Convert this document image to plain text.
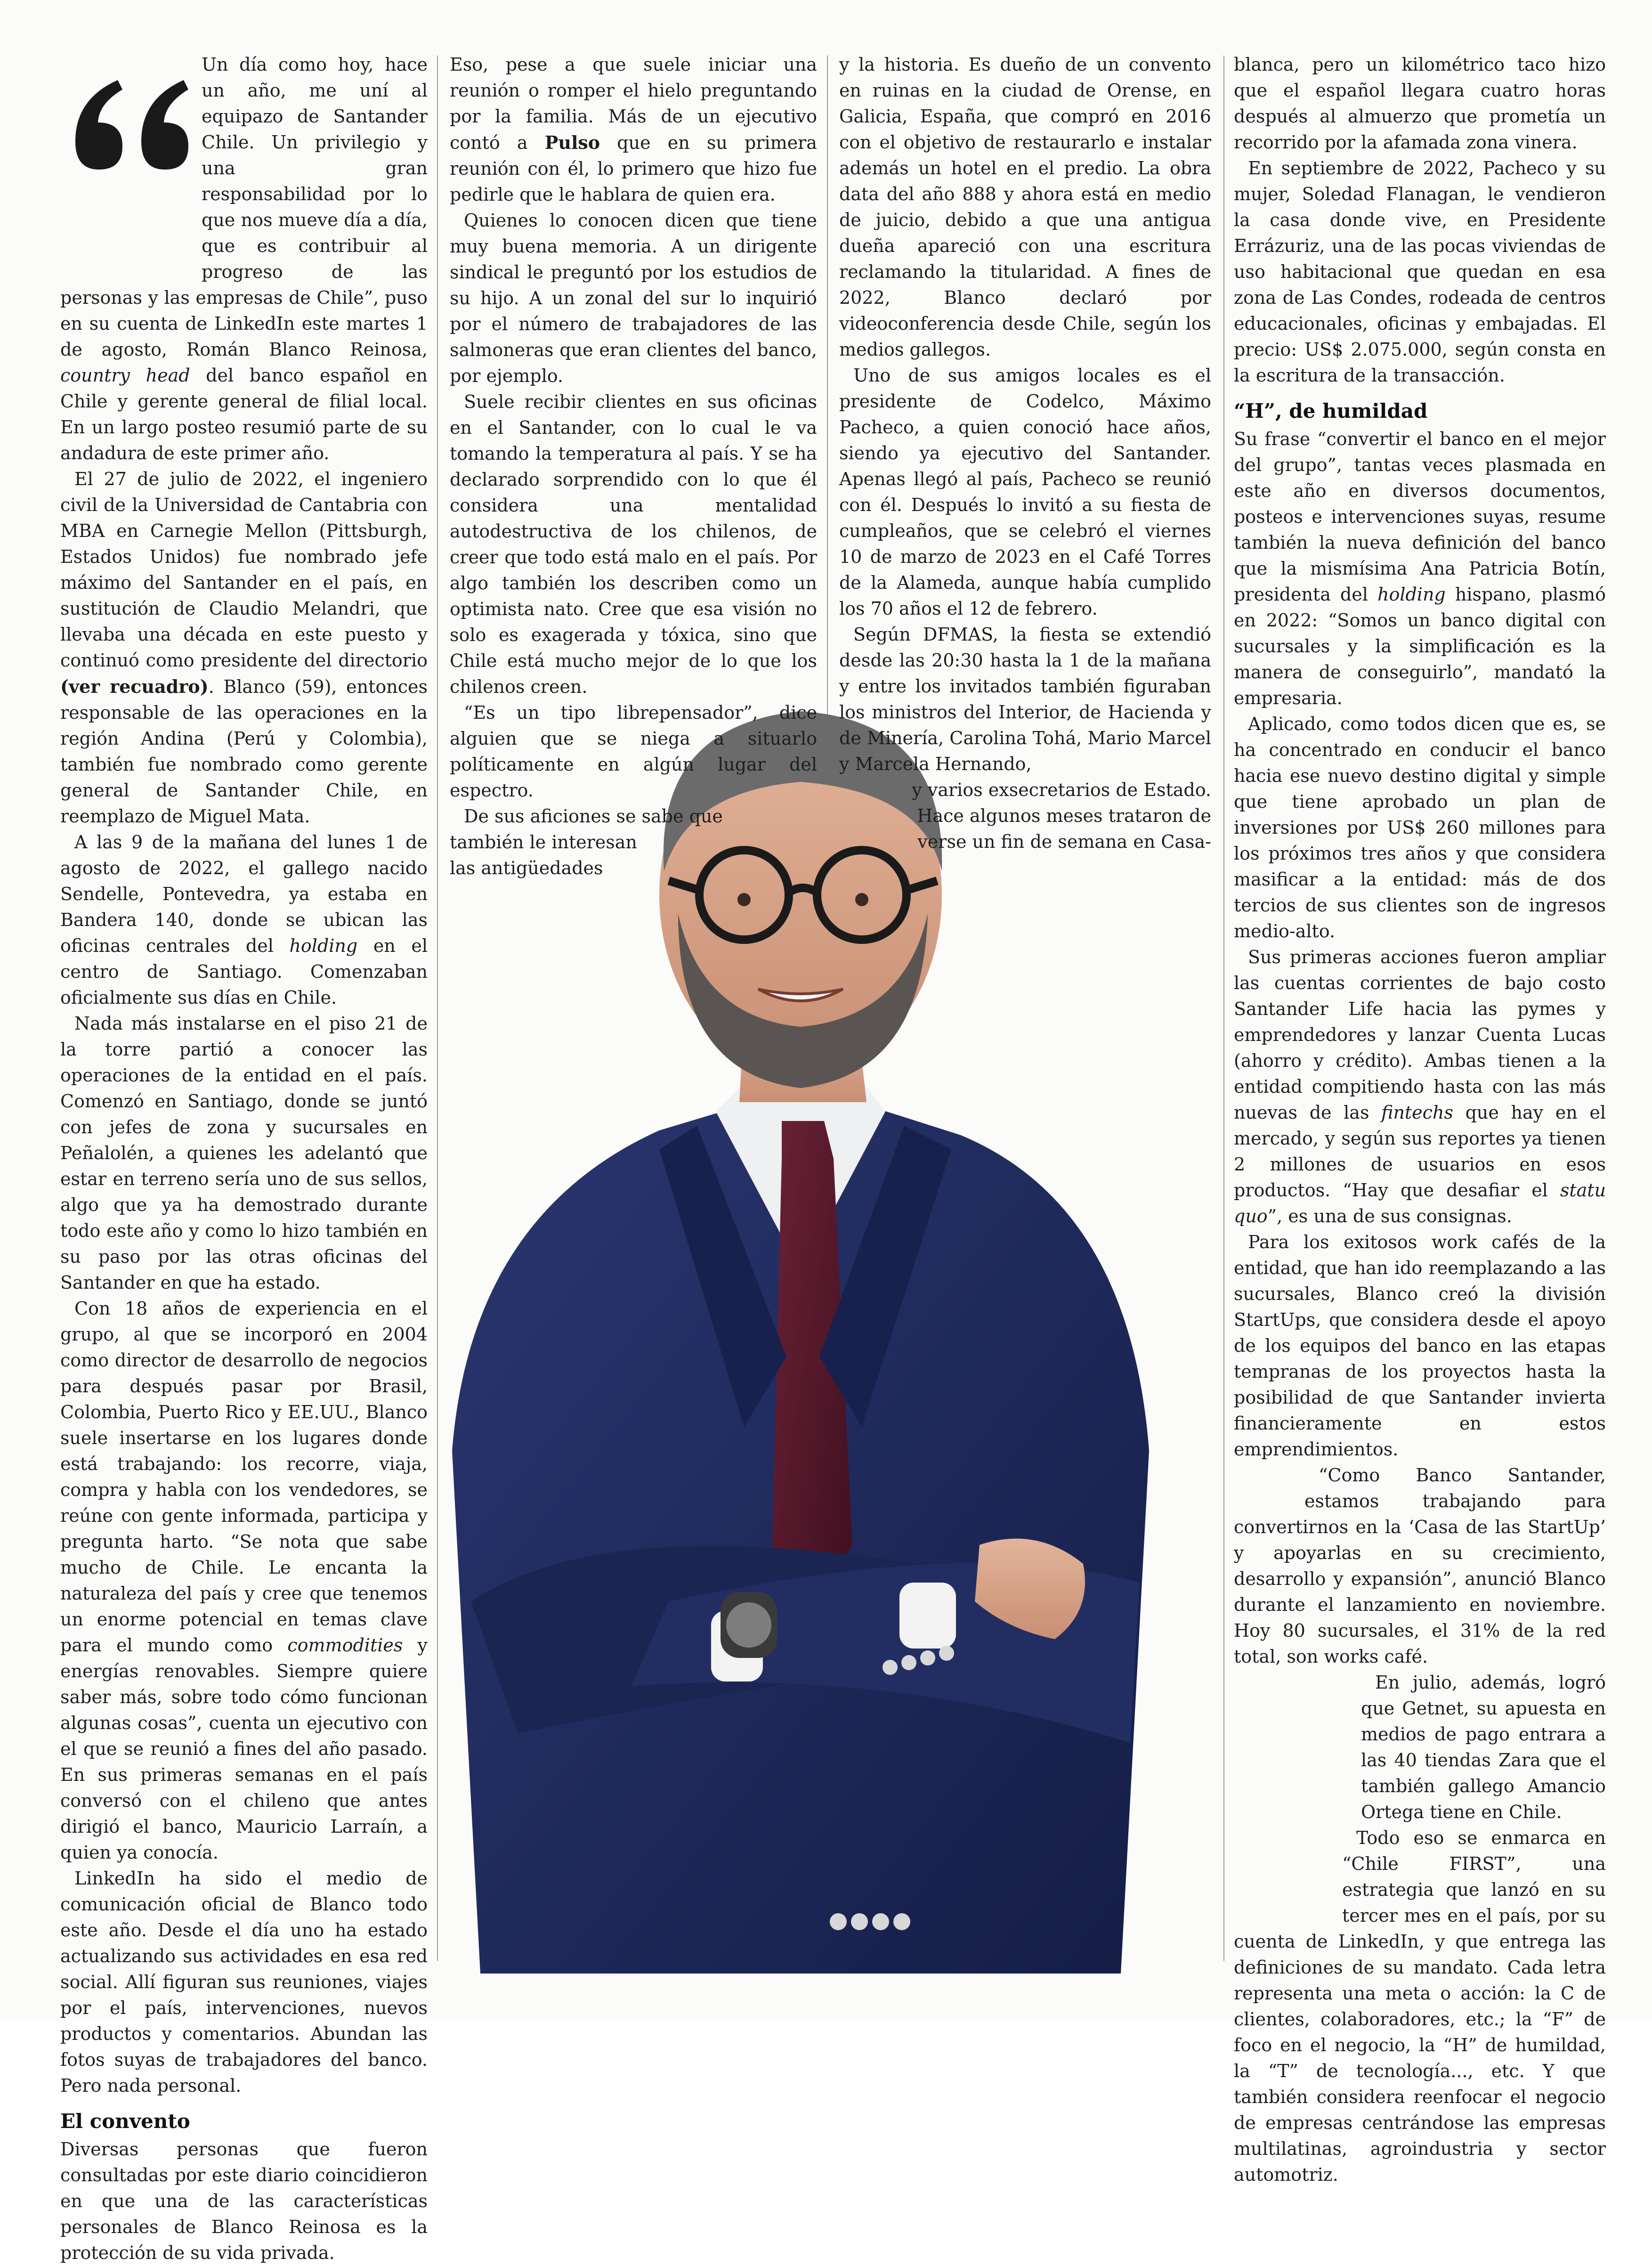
Un día como hoy, hace un año, me uní al equipazo de Santander Chile. Un privilegio y una gran responsabilidad por lo que nos mueve día a día, que es contribuir al progreso de las personas y las empresas de Chile”, puso en su cuenta de LinkedIn este martes 1 de agosto, Román Blanco Reinosa, country head del banco español en Chile y gerente general de filial local. En un largo posteo resumió parte de su andadura de este primer año.

El 27 de julio de 2022, el ingeniero civil de la Universidad de Cantabria con MBA en Carnegie Mellon (Pittsburgh, Estados Unidos) fue nombrado jefe máximo del Santander en el país, en sustitución de Claudio Melandri, que llevaba una década en este puesto y continuó como presidente del directorio (ver recuadro). Blanco (59), entonces responsable de las operaciones en la región Andina (Perú y Colombia), también fue nombrado como gerente general de Santander Chile, en reemplazo de Miguel Mata.

A las 9 de la mañana del lunes 1 de agosto de 2022, el gallego nacido Sendelle, Pontevedra, ya estaba en Bandera 140, donde se ubican las oficinas centrales del holding en el centro de Santiago. Comenzaban oficialmente sus días en Chile.

Nada más instalarse en el piso 21 de la torre partió a conocer las operaciones de la entidad en el país. Comenzó en Santiago, donde se juntó con jefes de zona y sucursales en Peñalolén, a quienes les adelantó que estar en terreno sería uno de sus sellos, algo que ya ha demostrado durante todo este año y como lo hizo también en su paso por las otras oficinas del Santander en que ha estado.

Con 18 años de experiencia en el grupo, al que se incorporó en 2004 como director de desarrollo de negocios para después pasar por Brasil, Colombia, Puerto Rico y EE.UU., Blanco suele insertarse en los lugares donde está trabajando: los recorre, viaja, compra y habla con los vendedores, se reúne con gente informada, participa y pregunta harto. “Se nota que sabe mucho de Chile. Le encanta la naturaleza del país y cree que tenemos un enorme potencial en temas clave para el mundo como commodities y energías renovables. Siempre quiere saber más, sobre todo cómo funcionan algunas cosas”, cuenta un ejecutivo con el que se reunió a fines del año pasado. En sus primeras semanas en el país conversó con el chileno que antes dirigió el banco, Mauricio Larraín, a quien ya conocía.

LinkedIn ha sido el medio de comunicación oficial de Blanco todo este año. Desde el día uno ha estado actualizando sus actividades en esa red social. Allí figuran sus reuniones, viajes por el país, intervenciones, nuevos productos y comentarios. Abundan las fotos suyas de trabajadores del banco. Pero nada personal.

El convento

Diversas personas que fueron consultadas por este diario coincidieron en que una de las características personales de Blanco Reinosa es la protección de su vida privada.

Eso, pese a que suele iniciar una reunión o romper el hielo preguntando por la familia. Más de un ejecutivo contó a Pulso que en su primera reunión con él, lo primero que hizo fue pedirle que le hablara de quien era.

Quienes lo conocen dicen que tiene muy buena memoria. A un dirigente sindical le preguntó por los estudios de su hijo. A un zonal del sur lo inquirió por el número de trabajadores de las salmoneras que eran clientes del banco, por ejemplo.

Suele recibir clientes en sus oficinas en el Santander, con lo cual le va tomando la temperatura al país. Y se ha declarado sorprendido con lo que él considera una mentalidad autodestructiva de los chilenos, de creer que todo está malo en el país. Por algo también los describen como un optimista nato. Cree que esa visión no solo es exagerada y tóxica, sino que Chile está mucho mejor de lo que los chilenos creen.

“Es un tipo librepensador”, dice alguien que se niega a situarlo políticamente en algún lugar del espectro.

De sus aficiones se sabe que
también le interesan
las antigüedades

y la historia. Es dueño de un convento en ruinas en la ciudad de Orense, en Galicia, España, que compró en 2016 con el objetivo de restaurarlo e instalar además un hotel en el predio. La obra data del año 888 y ahora está en medio de juicio, debido a que una antigua dueña apareció con una escritura reclamando la titularidad. A fines de 2022, Blanco declaró por videoconferencia desde Chile, según los medios gallegos.

Uno de sus amigos locales es el presidente de Codelco, Máximo Pacheco, a quien conoció hace años, siendo ya ejecutivo del Santander. Apenas llegó al país, Pacheco se reunió con él. Después lo invitó a su fiesta de cumpleaños, que se celebró el viernes 10 de marzo de 2023 en el Café Torres de la Alameda, aunque había cumplido los 70 años el 12 de febrero.

Según DFMAS, la fiesta se extendió desde las 20:30 hasta la 1 de la mañana y entre los invitados también figuraban los ministros del Interior, de Hacienda y de Minería, Carolina Tohá, Mario Marcel y Marcela Hernando,

y varios exsecretarios de Estado.

Hace algunos meses trataron de
verse un fin de semana en Casa-

blanca, pero un kilométrico taco hizo que el español llegara cuatro horas después al almuerzo que prometía un recorrido por la afamada zona vinera.

En septiembre de 2022, Pacheco y su mujer, Soledad Flanagan, le vendieron la casa donde vive, en Presidente Errázuriz, una de las pocas viviendas de uso habitacional que quedan en esa zona de Las Condes, rodeada de centros educacionales, oficinas y embajadas. El precio: US$ 2.075.000, según consta en la escritura de la transacción.

“H”, de humildad

Su frase “convertir el banco en el mejor del grupo”, tantas veces plasmada en este año en diversos documentos, posteos e intervenciones suyas, resume también la nueva definición del banco que la mismísima Ana Patricia Botín, presidenta del holding hispano, plasmó en 2022: “Somos un banco digital con sucursales y la simplificación es la manera de conseguirlo”, mandató la empresaria.

Aplicado, como todos dicen que es, se ha concentrado en conducir el banco hacia ese nuevo destino digital y simple que tiene aprobado un plan de inversiones por US$ 260 millones para los próximos tres años y que considera masificar a la entidad: más de dos tercios de sus clientes son de ingresos medio-alto.

Sus primeras acciones fueron ampliar las cuentas corrientes de bajo costo Santander Life hacia las pymes y emprendedores y lanzar Cuenta Lucas (ahorro y crédito). Ambas tienen a la entidad compitiendo hasta con las más nuevas de las fintechs que hay en el mercado, y según sus reportes ya tienen 2 millones de usuarios en esos productos. “Hay que desafiar el statu quo”, es una de sus consignas.

Para los exitosos work cafés de la entidad, que han ido reemplazando a las sucursales, Blanco creó la división StartUps, que considera desde el apoyo de los equipos del banco en las etapas tempranas de los proyectos hasta la posibilidad de que Santander invierta financieramente en estos emprendimientos.

“Como Banco Santander, estamos trabajando para convertirnos en la ‘Casa de las StartUp’ y apoyarlas en su crecimiento, desarrollo y expansión”, anunció Blanco durante el lanzamiento en noviembre. Hoy 80 sucursales, el 31% de la red total, son works café.

En julio, además, logró que Getnet, su apuesta en medios de pago entrara a las 40 tiendas Zara que el también gallego Amancio Ortega tiene en Chile.

Todo eso se enmarca en “Chile FIRST”, una estrategia que lanzó en su tercer mes en el país, por su cuenta de LinkedIn, y que entrega las definiciones de su mandato. Cada letra representa una meta o acción: la C de clientes, colaboradores, etc.; la “F” de foco en el negocio, la “H” de humildad, la “T” de tecnología..., etc. Y que también considera reenfocar el negocio de empresas centrándose las empresas multilatinas, agroindustria y sector automotriz.
